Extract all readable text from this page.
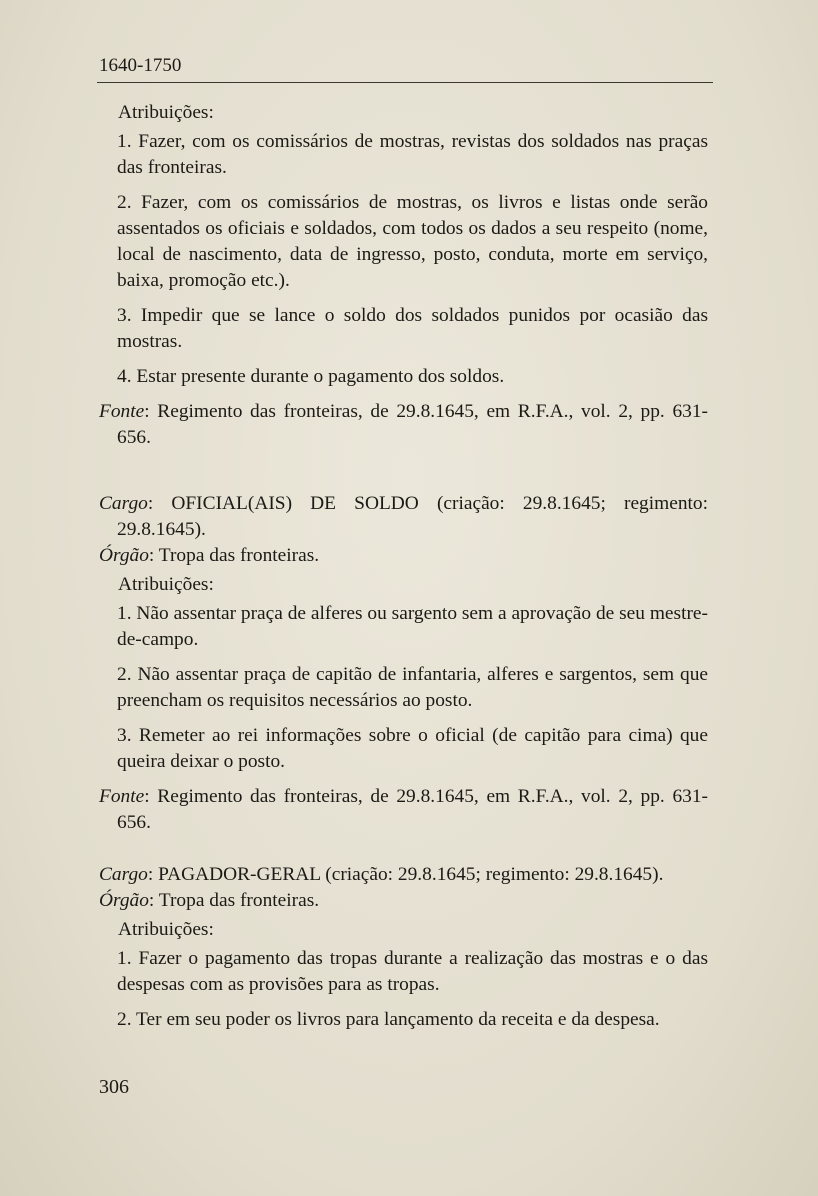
1640-1750

Atribuições:

1. Fazer, com os comissários de mostras, revistas dos soldados nas praças das fronteiras.

2. Fazer, com os comissários de mostras, os livros e listas onde serão assentados os oficiais e soldados, com todos os dados a seu respeito (nome, local de nascimento, data de ingresso, posto, conduta, morte em serviço, baixa, promoção etc.).

3. Impedir que se lance o soldo dos soldados punidos por ocasião das mostras.

4. Estar presente durante o pagamento dos soldos.

Fonte: Regimento das fronteiras, de 29.8.1645, em R.F.A., vol. 2, pp. 631-656.

Cargo: OFICIAL(AIS) DE SOLDO (criação: 29.8.1645; regimento: 29.8.1645).

Órgão: Tropa das fronteiras.

Atribuições:

1. Não assentar praça de alferes ou sargento sem a aprovação de seu mestre-de-campo.

2. Não assentar praça de capitão de infantaria, alferes e sargentos, sem que preencham os requisitos necessários ao posto.

3. Remeter ao rei informações sobre o oficial (de capitão para cima) que queira deixar o posto.

Fonte: Regimento das fronteiras, de 29.8.1645, em R.F.A., vol. 2, pp. 631-656.

Cargo: PAGADOR-GERAL (criação: 29.8.1645; regimento: 29.8.1645).

Órgão: Tropa das fronteiras.

Atribuições:

1. Fazer o pagamento das tropas durante a realização das mostras e o das despesas com as provisões para as tropas.

2. Ter em seu poder os livros para lançamento da receita e da despesa.

306
